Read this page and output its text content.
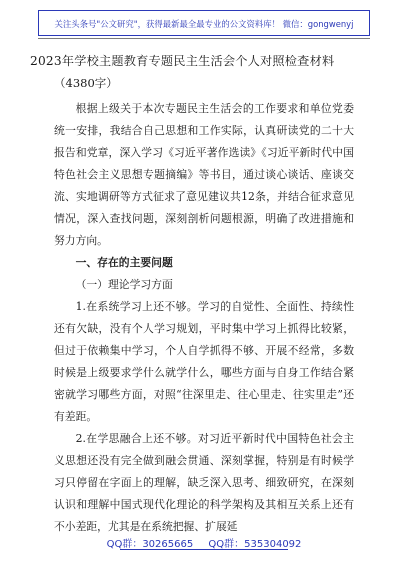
关注头条号"公文研究"，获得最新最全最专业的公文资料库！ 微信：gongwenyj
2023年学校主题教育专题民主生活会个人对照检查材料
（4380字）

根据上级关于本次专题民主生活会的工作要求和单位党委统一安排，我结合自己思想和工作实际，认真研读党的二十大报告和党章，深入学习《习近平著作选读》《习近平新时代中国特色社会主义思想专题摘编》等书目，通过谈心谈话、座谈交流、实地调研等方式征求了意见建议共12条，并结合征求意见情况，深入查找问题，深刻剖析问题根源，明确了改进措施和努力方向。

一、存在的主要问题

（一）理论学习方面

1.在系统学习上还不够。学习的自觉性、全面性、持续性还有欠缺，没有个人学习规划，平时集中学习上抓得比较紧，但过于依赖集中学习，个人自学抓得不够、开展不经常，多数时候是上级要求学什么就学什么，哪些方面与自身工作结合紧密就学习哪些方面，对照“往深里走、往心里走、往实里走”还有差距。

2.在学思融合上还不够。对习近平新时代中国特色社会主义思想还没有完全做到融会贯通、深刻掌握，特别是有时候学习只停留在字面上的理解，缺乏深入思考、细致研究，在深刻认识和理解中国式现代化理论的科学架构及其相互关系上还有不小差距，尤其是在系统把握、扩展延

QQ群：30265665 QQ群：535304092
